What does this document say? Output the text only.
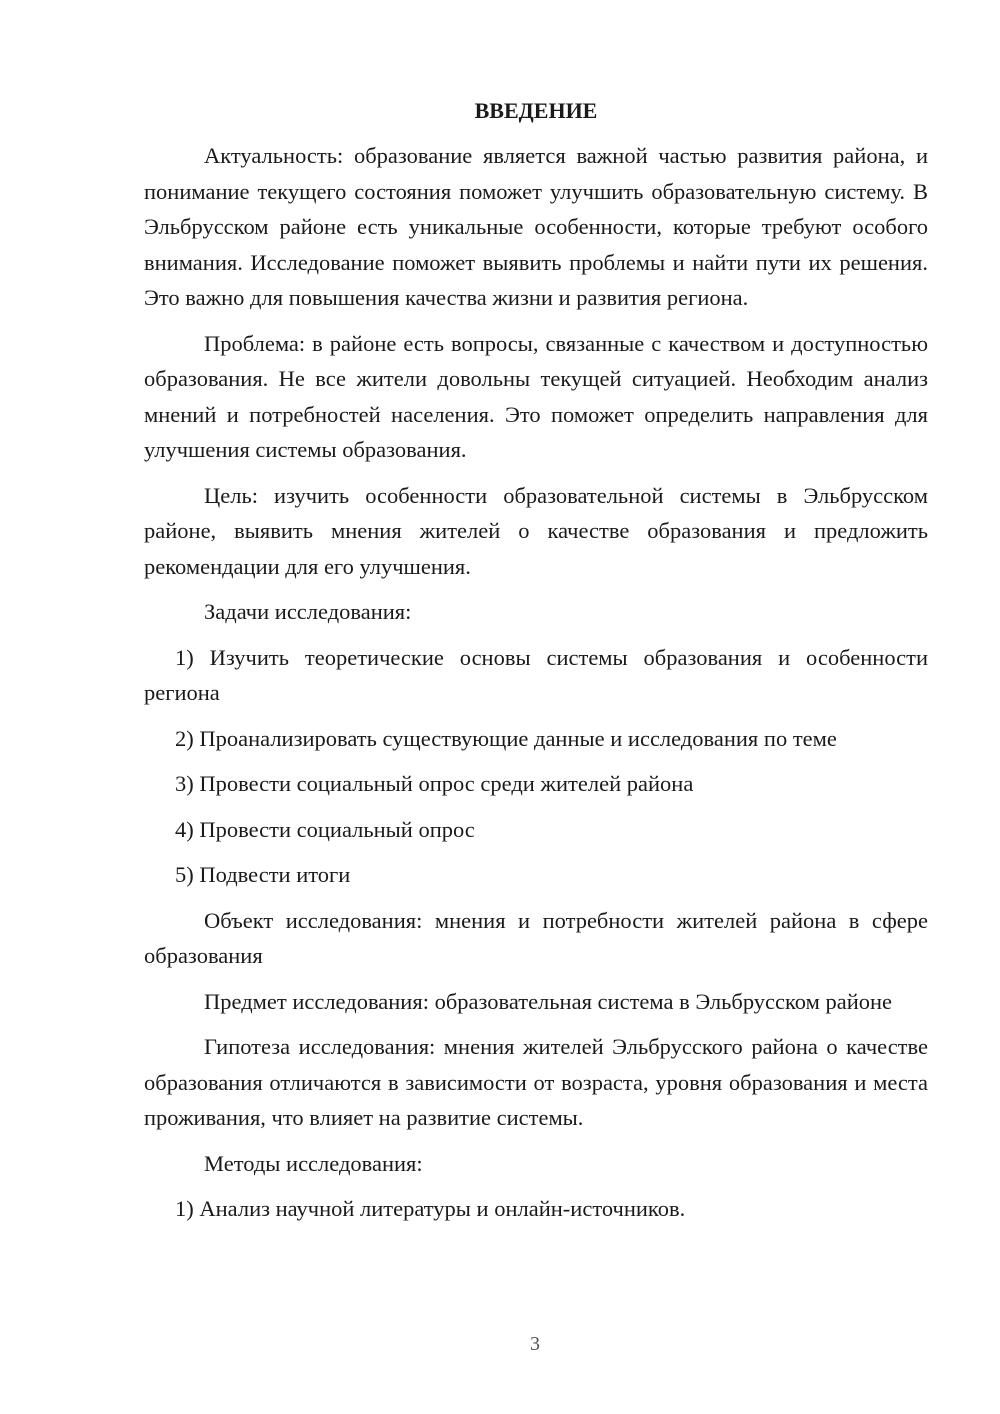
ВВЕДЕНИЕ

Актуальность: образование является важной частью развития района, и понимание текущего состояния поможет улучшить образовательную систему. В Эльбрусском районе есть уникальные особенности, которые требуют особого внимания. Исследование поможет выявить проблемы и найти пути их решения. Это важно для повышения качества жизни и развития региона.

Проблема: в районе есть вопросы, связанные с качеством и доступностью образования. Не все жители довольны текущей ситуацией. Необходим анализ мнений и потребностей населения. Это поможет определить направления для улучшения системы образования.

Цель: изучить особенности образовательной системы в Эльбрусском районе, выявить мнения жителей о качестве образования и предложить рекомендации для его улучшения.

Задачи исследования:

1) Изучить теоретические основы системы образования и особенности региона

2) Проанализировать существующие данные и исследования по теме

3) Провести социальный опрос среди жителей района

4) Провести социальный опрос

5) Подвести итоги

Объект исследования: мнения и потребности жителей района в сфере образования

Предмет исследования: образовательная система в Эльбрусском районе

Гипотеза исследования: мнения жителей Эльбрусского района о качестве образования отличаются в зависимости от возраста, уровня образования и места проживания, что влияет на развитие системы.

Методы исследования:

1) Анализ научной литературы и онлайн-источников.

3
